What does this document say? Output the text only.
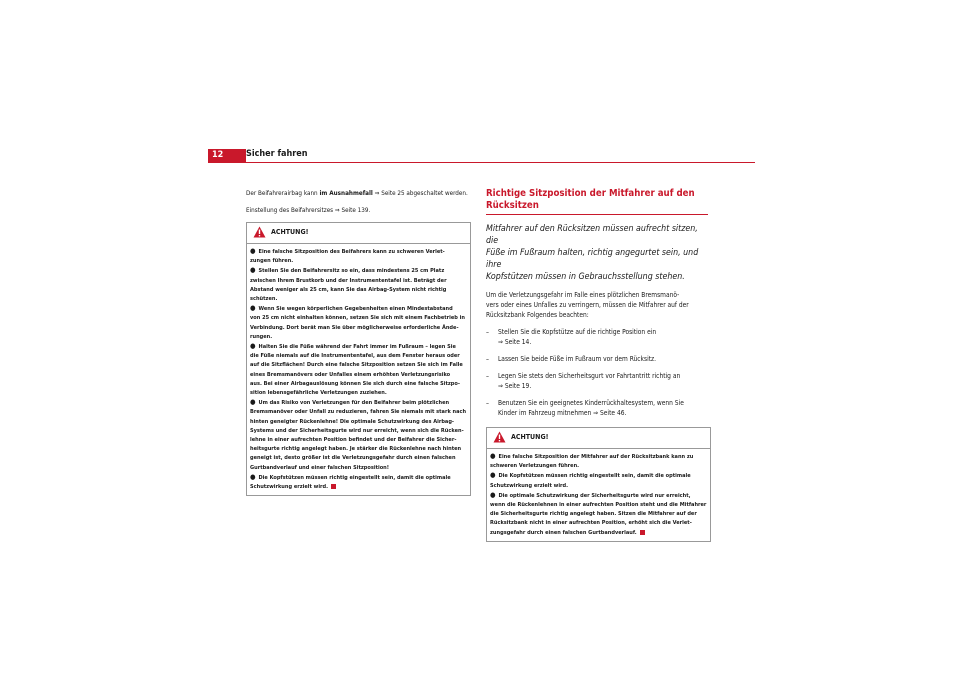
12	Sicher fahren

Der Beifahrerairbag kann im Ausnahmefall ⇒ Seite 25 abgeschaltet werden.

Einstellung des Beifahrersitzes ⇒ Seite 139.

ACHTUNG!

● Eine falsche Sitzposition des Beifahrers kann zu schweren Verlet-
zungen führen.

● Stellen Sie den Beifahrersitz so ein, dass mindestens 25 cm Platz
zwischen Ihrem Brustkorb und der Instrumententafel ist. Beträgt der
Abstand weniger als 25 cm, kann Sie das Airbag-System nicht richtig
schützen.

● Wenn Sie wegen körperlichen Gegebenheiten einen Mindestabstand
von 25 cm nicht einhalten können, setzen Sie sich mit einem Fachbetrieb in
Verbindung. Dort berät man Sie über möglicherweise erforderliche Ände-
rungen.

● Halten Sie die Füße während der Fahrt immer im Fußraum – legen Sie
die Füße niemals auf die Instrumententafel, aus dem Fenster heraus oder
auf die Sitzflächen! Durch eine falsche Sitzposition setzen Sie sich im Falle
eines Bremsmanövers oder Unfalles einem erhöhten Verletzungsrisiko
aus. Bei einer Airbagauslösung können Sie sich durch eine falsche Sitzpo-
sition lebensgefährliche Verletzungen zuziehen.

● Um das Risiko von Verletzungen für den Beifahrer beim plötzlichen
Bremsmanöver oder Unfall zu reduzieren, fahren Sie niemals mit stark nach
hinten geneigter Rückenlehne! Die optimale Schutzwirkung des Airbag-
Systems und der Sicherheitsgurte wird nur erreicht, wenn sich die Rücken-
lehne in einer aufrechten Position befindet und der Beifahrer die Sicher-
heitsgurte richtig angelegt haben. Je stärker die Rückenlehne nach hinten
geneigt ist, desto größer ist die Verletzungsgefahr durch einen falschen
Gurtbandverlauf und einer falschen Sitzposition!

● Die Kopfstützen müssen richtig eingestellt sein, damit die optimale
Schutzwirkung erzielt wird.

Richtige Sitzposition der Mitfahrer auf den Rücksitzen
Mitfahrer auf den Rücksitzen müssen aufrecht sitzen, die
Füße im Fußraum halten, richtig angegurtet sein, und ihre
Kopfstützen müssen in Gebrauchsstellung stehen.
Um die Verletzungsgefahr im Falle eines plötzlichen Bremsmanö-
vers oder eines Unfalles zu verringern, müssen die Mitfahrer auf der
Rücksitzbank Folgendes beachten:
– Stellen Sie die Kopfstütze auf die richtige Position ein
⇒ Seite 14.
– Lassen Sie beide Füße im Fußraum vor dem Rücksitz.
– Legen Sie stets den Sicherheitsgurt vor Fahrtantritt richtig an
⇒ Seite 19.
– Benutzen Sie ein geeignetes Kinderrückhaltesystem, wenn Sie
Kinder im Fahrzeug mitnehmen ⇒ Seite 46.
ACHTUNG!

● Eine falsche Sitzposition der Mitfahrer auf der Rücksitzbank kann zu
schweren Verletzungen führen.

● Die Kopfstützen müssen richtig eingestellt sein, damit die optimale
Schutzwirkung erzielt wird.

● Die optimale Schutzwirkung der Sicherheitsgurte wird nur erreicht,
wenn die Rückenlehnen in einer aufrechten Position steht und die Mitfahrer
die Sicherheitsgurte richtig angelegt haben. Sitzen die Mitfahrer auf der
Rücksitzbank nicht in einer aufrechten Position, erhöht sich die Verlet-
zungsgefahr durch einen falschen Gurtbandverlauf.
